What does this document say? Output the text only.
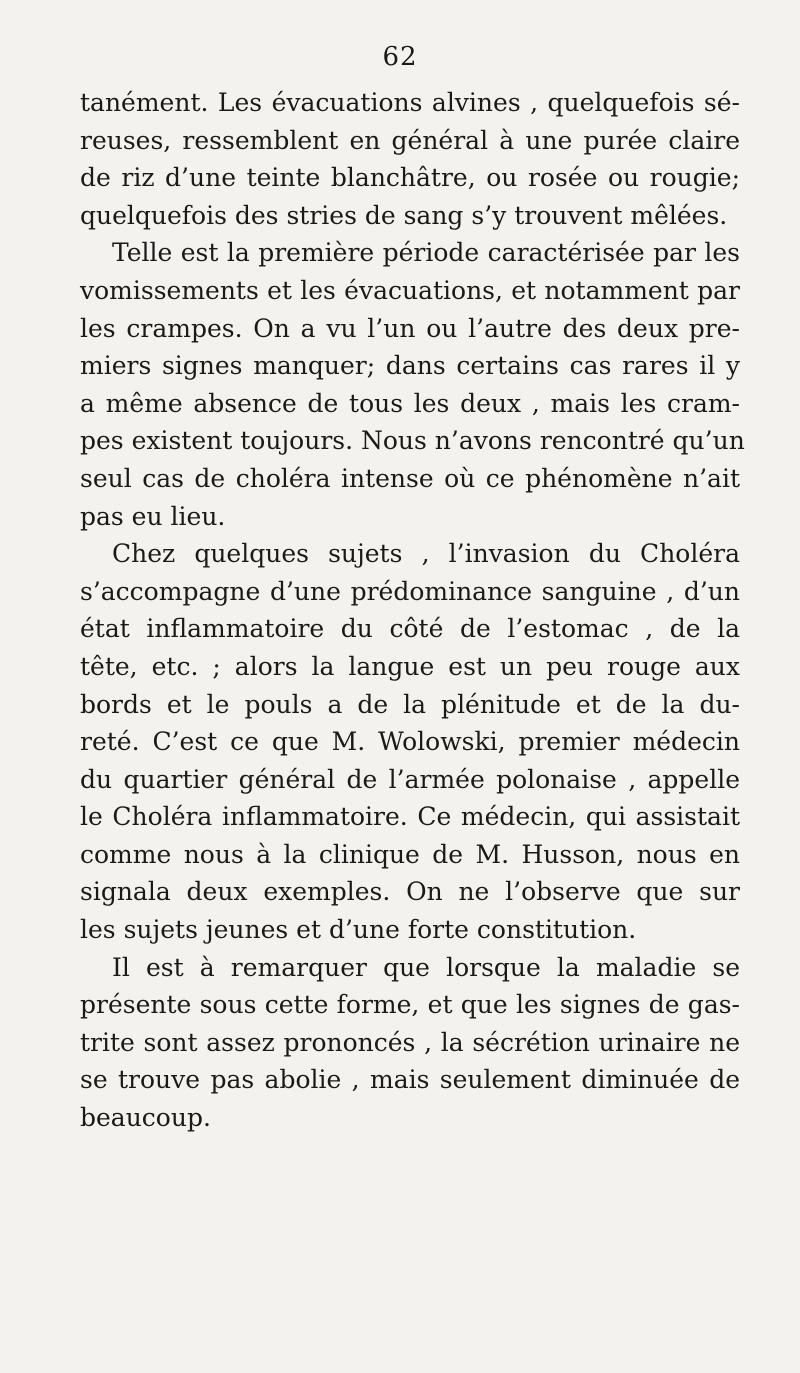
62
tanément. Les évacuations alvines , quelquefois sé-
reuses, ressemblent en général à une purée claire
de riz d’une teinte blanchâtre, ou rosée ou rougie;
quelquefois des stries de sang s’y trouvent mêlées.
Telle est la première période caractérisée par les
vomissements et les évacuations, et notamment par
les crampes. On a vu l’un ou l’autre des deux pre-
miers signes manquer; dans certains cas rares il y
a même absence de tous les deux , mais les cram-
pes existent toujours. Nous n’avons rencontré qu’un
seul cas de choléra intense où ce phénomène n’ait
pas eu lieu.
Chez quelques sujets , l’invasion du Choléra
s’accompagne d’une prédominance sanguine , d’un
état inflammatoire du côté de l’estomac , de la
tête, etc. ; alors la langue est un peu rouge aux
bords et le pouls a de la plénitude et de la du-
reté. C’est ce que M. Wolowski, premier médecin
du quartier général de l’armée polonaise , appelle
le Choléra inflammatoire. Ce médecin, qui assistait
comme nous à la clinique de M. Husson, nous en
signala deux exemples. On ne l’observe que sur
les sujets jeunes et d’une forte constitution.
Il est à remarquer que lorsque la maladie se
présente sous cette forme, et que les signes de gas-
trite sont assez prononcés , la sécrétion urinaire ne
se trouve pas abolie , mais seulement diminuée de
beaucoup.
